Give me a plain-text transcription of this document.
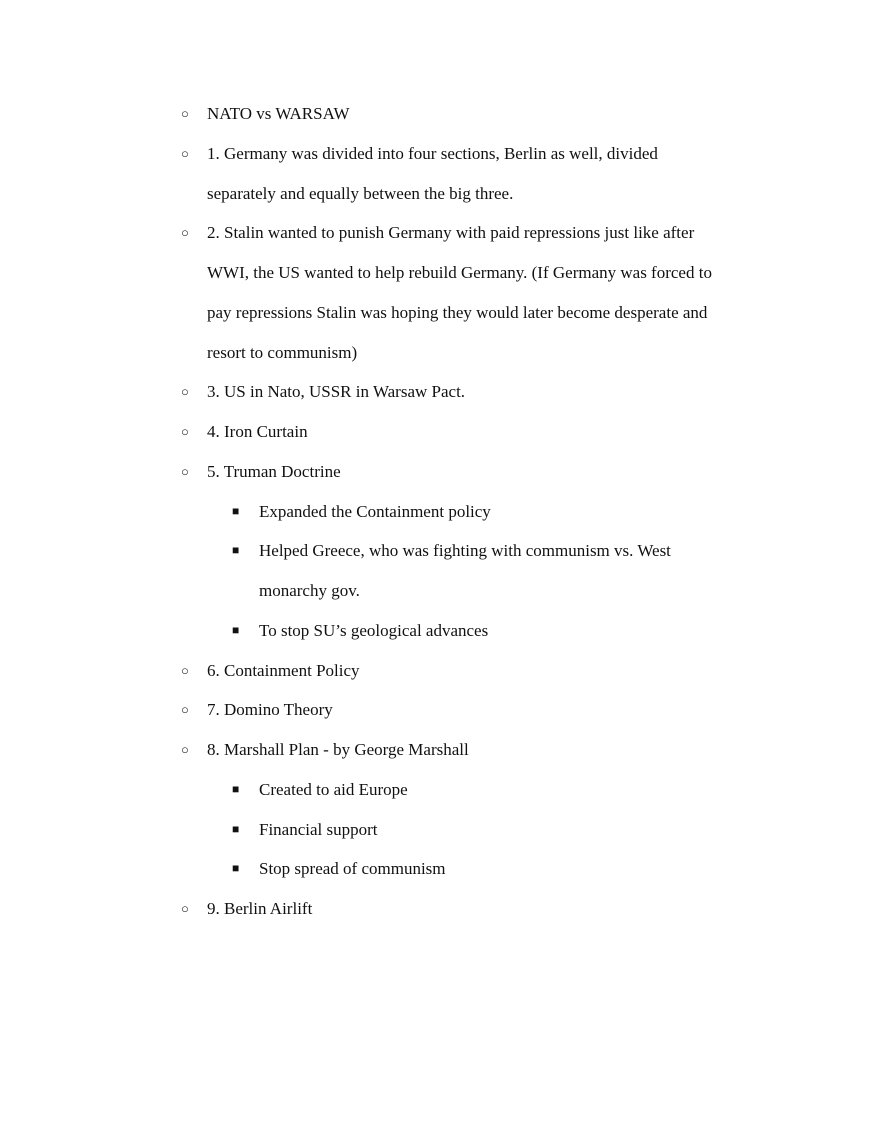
○ NATO vs WARSAW
○ 1. Germany was divided into four sections, Berlin as well, divided
separately and equally between the big three.
○ 2. Stalin wanted to punish Germany with paid repressions just like after
WWI, the US wanted to help rebuild Germany. (If Germany was forced to
pay repressions Stalin was hoping they would later become desperate and
resort to communism)
○ 3. US in Nato, USSR in Warsaw Pact.
○ 4. Iron Curtain
○ 5. Truman Doctrine
■ Expanded the Containment policy
■ Helped Greece, who was fighting with communism vs. West
monarchy gov.
■ To stop SU’s geological advances
○ 6. Containment Policy
○ 7. Domino Theory
○ 8. Marshall Plan - by George Marshall
■ Created to aid Europe
■ Financial support
■ Stop spread of communism
○ 9. Berlin Airlift
